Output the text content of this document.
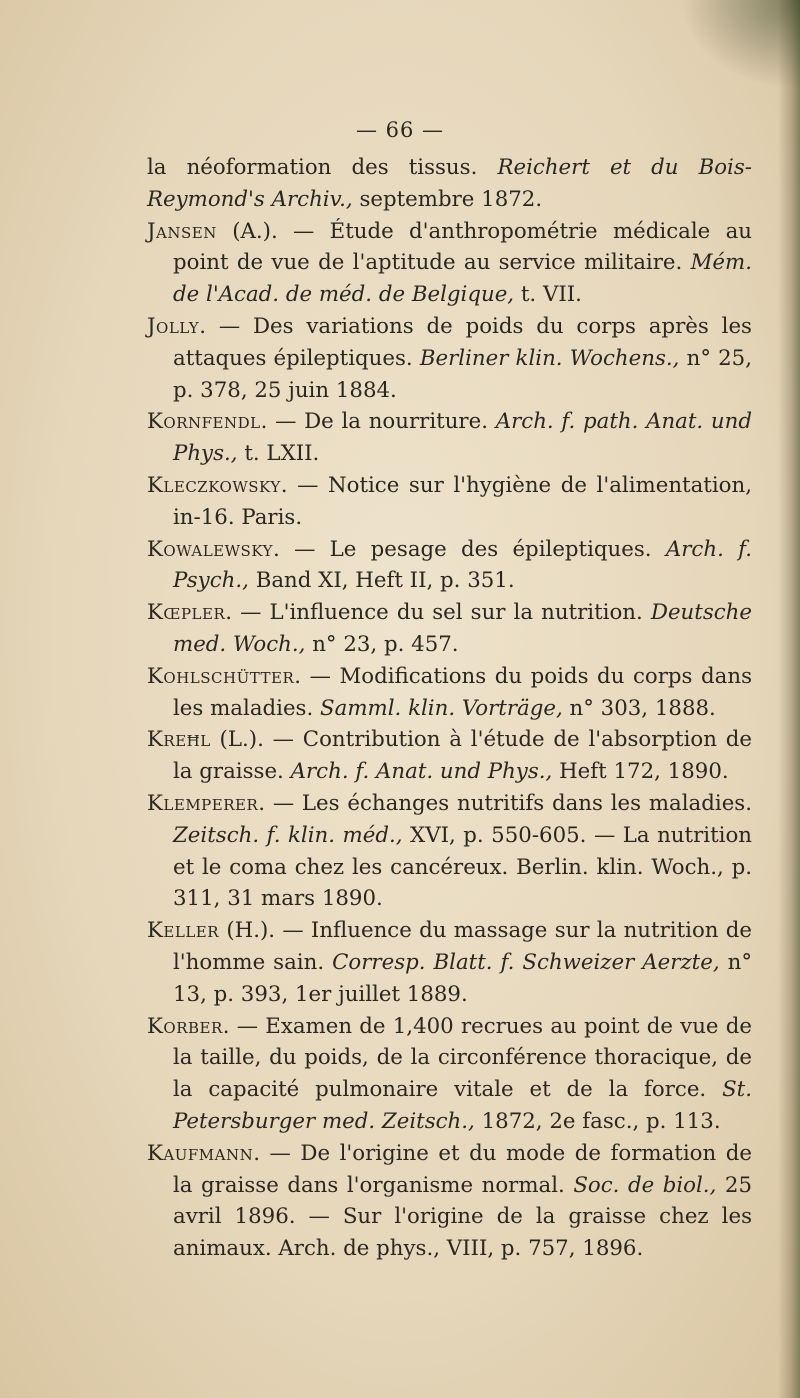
— 66 —
la néoformation des tissus. Reichert et du Bois-Reymond's Archiv., septembre 1872.
Jansen (A.). — Étude d'anthropométrie médicale au point de vue de l'aptitude au service militaire. Mém. de l'Acad. de méd. de Belgique, t. VII.
Jolly. — Des variations de poids du corps après les attaques épileptiques. Berliner klin. Wochens., n° 25, p. 378, 25 juin 1884.
Kornfendl. — De la nourriture. Arch. f. path. Anat. und Phys., t. LXII.
Kleczkowsky. — Notice sur l'hygiène de l'alimentation, in-16. Paris.
Kowalewsky. — Le pesage des épileptiques. Arch. f. Psych., Band XI, Heft II, p. 351.
Kœpler. — L'influence du sel sur la nutrition. Deutsche med. Woch., n° 23, p. 457.
Kohlschütter. — Modifications du poids du corps dans les maladies. Samml. klin. Vorträge, n° 303, 1888.
Kreħl (L.). — Contribution à l'étude de l'absorption de la graisse. Arch. f. Anat. und Phys., Heft 172, 1890.
Klemperer. — Les échanges nutritifs dans les maladies. Zeitsch. f. klin. méd., XVI, p. 550-605. — La nutrition et le coma chez les cancéreux. Berlin. klin. Woch., p. 311, 31 mars 1890.
Keller (H.). — Influence du massage sur la nutrition de l'homme sain. Corresp. Blatt. f. Schweizer Aerzte, n° 13, p. 393, 1er juillet 1889.
Korber. — Examen de 1,400 recrues au point de vue de la taille, du poids, de la circonférence thoracique, de la capacité pulmonaire vitale et de la force. St. Petersburger med. Zeitsch., 1872, 2e fasc., p. 113.
Kaufmann. — De l'origine et du mode de formation de la graisse dans l'organisme normal. Soc. de biol., 25 avril 1896. — Sur l'origine de la graisse chez les animaux. Arch. de phys., VIII, p. 757, 1896.
